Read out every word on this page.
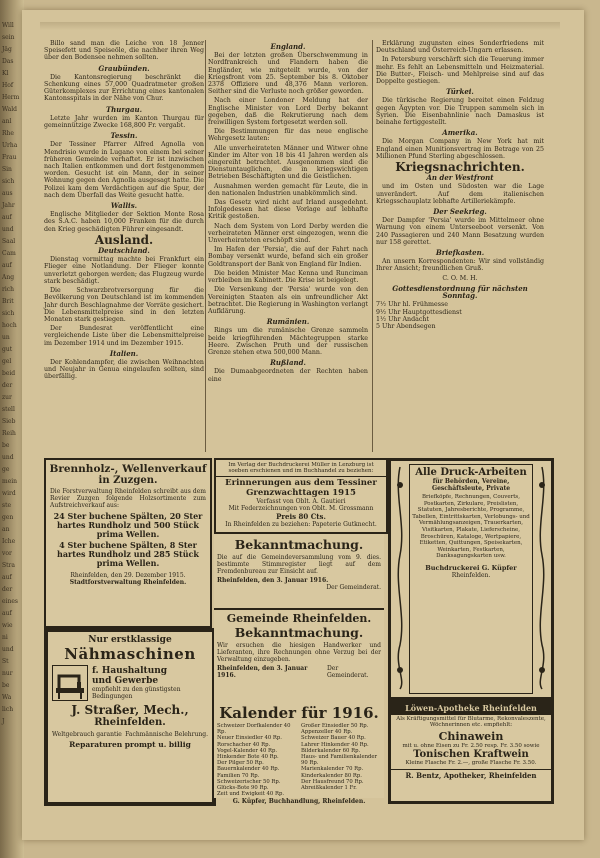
Will
sein
Jäg
Das
Kl
Hof
Herm
Wald
anl
Rhe
Urha
Frau
Sin
sich
aus
Jahr
auf
und
Saal
Cam
auf
Ang
rich
Brit
sich
hoch
un
gut
gel
beid
der
zur
stell
Sieb
Reih
be
und
ge
mein
wird
ste
gen
an
Iche
vor
Stra
auf
der
eines
auf
wie
ni
und
St
nur
be
Wa
lich
J

Billo sand man die Leiche von 18 Jenner Speisefett und Speiseöle, die nachher ihren Weg über den Bodensee nehmen sollten.

Graubünden.

Die Kantonsregierung beschränkt die Schenkung eines 57,000 Quadratmeter großen Güterkomplexes zur Errichtung eines kantonalen Kantonsspitals in der Nähe von Chur.

Thurgau.

Letzte Jahr wurden im Kanton Thurgau für gemeinnützige Zwecke 168,800 Fr. vergabt.

Tessin.

Der Tessiner Pfarrer Alfred Agnolla von Mendrisio wurde in Lugano von einem bei seiner früheren Gemeinde verhaftet. Er ist inzwischen nach Italien entkommen und dort festgenommen worden. Gesucht ist ein Mann, der in seiner Wohnung gegen den Agnolla ausgesagt hatte. Die Polizei kam dem Verdächtigen auf die Spur, der nach dem Überfall das Weite gesucht hatte.

Wallis.

Englische Mitglieder der Sektion Monte Rosa des S.A.C. haben 10,000 Franken für die durch den Krieg geschädigten Führer eingesandt.

Ausland.
Deutschland.

Dienstag vormittag machte bei Frankfurt ein Flieger eine Notlandung. Der Flieger konnte unverletzt geborgen werden; das Flugzeug wurde stark beschädigt.

Die Schwarzbrotversorgung für die Bevölkerung von Deutschland ist im kommenden Jahr durch Beschlagnahme der Vorräte gesichert. Die Lebensmittelpreise sind in den letzten Monaten stark gestiegen.

Der Bundesrat veröffentlicht eine vergleichende Liste über die Lebensmittelpreise im Dezember 1914 und im Dezember 1915.

Italien.

Der Kohlendampfer, die zwischen Weihnachten und Neujahr in Genua eingelaufen sollten, sind überfällig.

England.

Bei der letzten großen Überschwemmung in Nordfrankreich und Flandern haben die Engländer, wie mitgeteilt wurde, von der Kriegsfront vom 25. September bis 8. Oktober 2378 Offiziere und 48,376 Mann verloren. Seither sind die Verluste noch größer geworden.

Nach einer Londoner Meldung hat der Englische Minister von Lord Derby bekannt gegeben, daß die Rekrutierung nach dem freiwilligen System fortgesetzt werden soll.

Die Bestimmungen für das neue englische Wehrgesetz lauten:

Alle unverheirateten Männer und Witwer ohne Kinder im Alter von 18 bis 41 Jahren werden als eingereiht betrachtet. Ausgenommen sind die Dienstuntauglichen, die in kriegswichtigen Betrieben Beschäftigten und die Geistlichen.

Ausnahmen werden gemacht für Leute, die in den nationalen Industrien unabkömmlich sind.

Das Gesetz wird nicht auf Irland ausgedehnt. Infolgedessen hat diese Vorlage auf lebhafte Kritik gestoßen.

Nach dem System von Lord Derby werden die verheirateten Männer erst eingezogen, wenn die Unverheirateten erschöpft sind.

Im Hafen der 'Persia', die auf der Fahrt nach Bombay versenkt wurde, befand sich ein großer Goldtransport der Bank von England für Indien.

Die beiden Minister Mac Kenna und Runciman verbleiben im Kabinett. Die Krise ist beigelegt.

Die Versenkung der 'Persia' wurde von den Vereinigten Staaten als ein unfreundlicher Akt betrachtet. Die Regierung in Washington verlangt Aufklärung.

Rumänien.

Rings um die rumänische Grenze sammeln beide kriegführenden Mächtegruppen starke Heere. Zwischen Pruth und der russischen Grenze stehen etwa 500,000 Mann.

Rußland.

Die Dumaabgeordneten der Rechten haben eine

Erklärung zugunsten eines Sonderfriedens mit Deutschland und Österreich-Ungarn erlassen.

In Petersburg verschärft sich die Teuerung immer mehr. Es fehlt an Lebensmitteln und Heizmaterial. Die Butter-, Fleisch- und Mehlpreise sind auf das Doppelte gestiegen.

Türkei.

Die türkische Regierung bereitet einen Feldzug gegen Ägypten vor. Die Truppen sammeln sich in Syrien. Die Eisenbahnlinie nach Damaskus ist beinahe fertiggestellt.

Amerika.

Die Morgan Company in New York hat mit England einen Munitionsvertrag im Betrage von 25 Millionen Pfund Sterling abgeschlossen.

Kriegsnachrichten.
An der Westfront

und im Osten und Südosten war die Lage unverändert. Auf dem italienischen Kriegsschauplatz lebhafte Artilleriekämpfe.

Der Seekrieg.

Der Dampfer 'Persia' wurde im Mittelmeer ohne Warnung von einem Unterseeboot versenkt. Von 240 Passagieren und 240 Mann Besatzung wurden nur 158 gerettet.

Briefkasten.

An unsern Korrespondenten: Wir sind vollständig Ihrer Ansicht; freundlichen Gruß.

C. O. M. H.

Gottesdienstordnung für nächsten Sonntag.
7½ Uhr hl. Frühmesse
9½ Uhr Hauptgottesdienst
1½ Uhr Andacht
5 Uhr Abendsegen
Brennholz-, Wellenverkauf
in Zuzgen.
Die Forstverwaltung Rheinfelden schreibt aus dem Revier Zuzgen folgende Holzsortimente zum Aufstreichverkauf aus:
24 Ster buchene Spälten, 20 Ster hartes Rundholz und 500 Stück prima Wellen.
4 Ster buchene Spälten, 8 Ster hartes Rundholz und 285 Stück prima Wellen.
Rheinfelden, den 29. Dezember 1915.
Stadtforstverwaltung Rheinfelden.
Nur erstklassige
Nähmaschinen
f. Haushaltung
und Gewerbe
empfiehlt zu den günstigsten Bedingungen
J. Straßer, Mech.,
Rheinfelden.
Weltgebrauch garantie Fachmännische Belehrung.
Reparaturen prompt u. billig
Im Verlag der Buchdruckerei Müller in Lenzburg ist soeben erschienen und im Buchhandel zu beziehen:
Erinnerungen aus dem Tessiner Grenzwachttagen 1915
Verfasst von Oblt. A. Gautieri
Mit Federzeichnungen von Oblt. M. Grossmann
Preis 80 Cts.
In Rheinfelden zu beziehen: Papeterie Gutknecht.
Bekanntmachung.
Die auf die Gemeindeversammlung vom 9. dies. bestimmte Stimmregister liegt auf dem Fremdenbureau zur Einsicht auf.
Rheinfelden, den 3. Januar 1916.
Der Gemeinderat.
Gemeinde Rheinfelden.
Bekanntmachung.
Wir ersuchen die hiesigen Handwerker und Lieferanten, ihre Rechnungen ohne Verzug bei der Verwaltung einzugeben.
Rheinfelden, den 3. Januar 1916.
Der Gemeinderat.
Kalender für 1916.
Schweizer Dorfkalender 40 Rp.
Neuer Einsiedler 40 Rp.
Rorschacher 40 Rp.
Vogel-Kalender 40 Rp.
Hinkender Bote 40 Rp.
Der Pilger 50 Rp.
Bauernkalender 40 Rp.
Familien 70 Rp.
Schweizerischer 50 Rp.
Glücks-Bote 90 Rp.
Zeit und Ewigkeit 40 Rp.
Großer Einsiedler 50 Rp.
Appenzeller 40 Rp.
Schweizer Bauer 40 Rp.
Lahrer Hinkender 40 Rp.
Bilderkalender 60 Rp.
Haus- und Familienkalender 90 Rp.
Marienkalender 70 Rp.
Kinderkalender 80 Rp.
Der Hausfreund 70 Rp.
Abreißkalender 1 Fr.
G. Küpfer, Buchhandlung, Rheinfelden.
Alle Druck-Arbeiten
für Behörden, Vereine,
Geschäftsleute, Private
Briefköpfe, Rechnungen, Couverts, Postkarten, Zirkulare, Preislisten, Statuten, Jahresberichte, Programme, Tabellen, Eintrittskarten, Verlobungs- und Vermählungsanzeigen, Trauerkarten, Visitkarten, Plakate, Lieferscheine, Broschüren, Kataloge, Wertpapiere, Etiketten, Quittungen, Speisekarten, Weinkarten, Festkarten, Danksagungskarten usw.
Buchdruckerei G. Küpfer
Rheinfelden.
Löwen-Apotheke Rheinfelden
Als Kräftigungsmittel für Blutarme, Rekonvaleszente, Wöchnerinnen etc. empfiehlt:
Chinawein
mit u. ohne Eisen zu Fr. 2.50 resp. Fr. 3.50 sowie
Tonischen Kraftwein
Kleine Flasche Fr. 2.—, große Flasche Fr. 3.50.
R. Bentz, Apotheker, Rheinfelden
